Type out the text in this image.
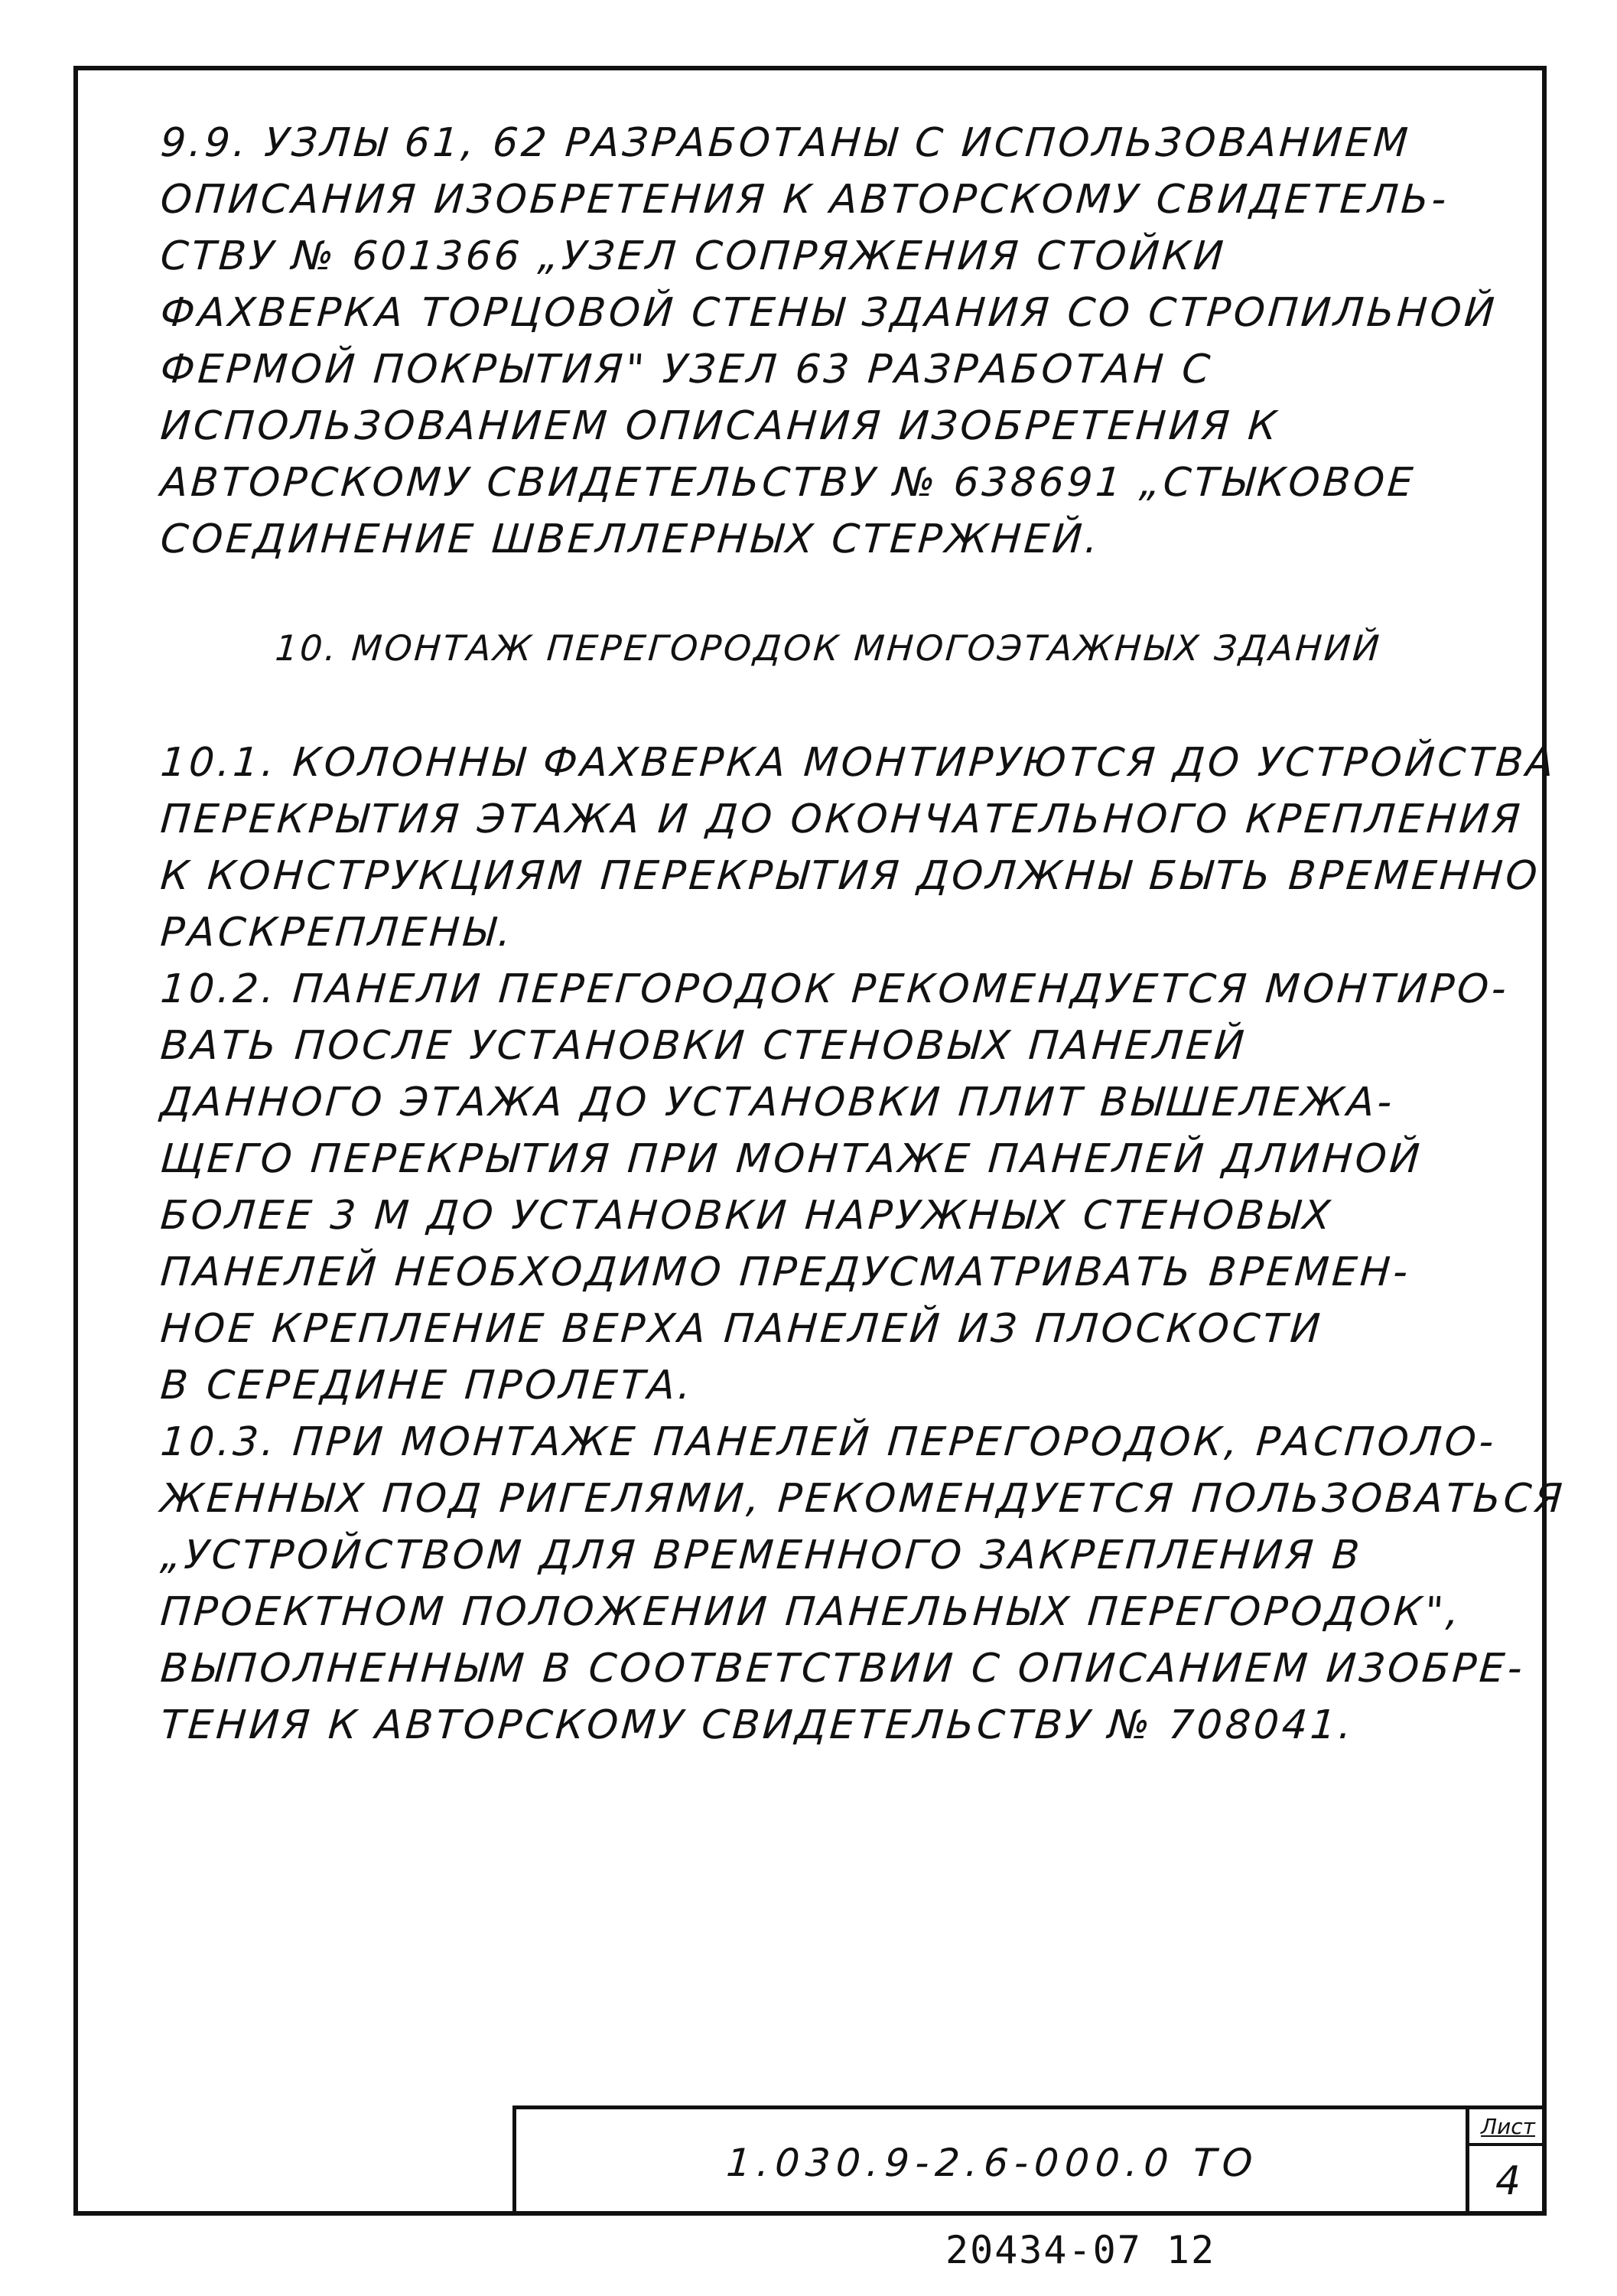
9.9. УЗЛЫ 61, 62 РАЗРАБОТАНЫ С ИСПОЛЬЗОВАНИЕМ
ОПИСАНИЯ ИЗОБРЕТЕНИЯ К АВТОРСКОМУ СВИДЕТЕЛЬ-
СТВУ № 601366 „УЗЕЛ СОПРЯЖЕНИЯ СТОЙКИ
ФАХВЕРКА ТОРЦОВОЙ СТЕНЫ ЗДАНИЯ СО СТРОПИЛЬНОЙ
ФЕРМОЙ ПОКРЫТИЯ" УЗЕЛ 63 РАЗРАБОТАН С
ИСПОЛЬЗОВАНИЕМ ОПИСАНИЯ ИЗОБРЕТЕНИЯ К
АВТОРСКОМУ СВИДЕТЕЛЬСТВУ № 638691 „СТЫКОВОЕ
СОЕДИНЕНИЕ ШВЕЛЛЕРНЫХ СТЕРЖНЕЙ.
10. МОНТАЖ ПЕРЕГОРОДОК МНОГОЭТАЖНЫХ ЗДАНИЙ
10.1. КОЛОННЫ ФАХВЕРКА МОНТИРУЮТСЯ ДО УСТРОЙСТВА
ПЕРЕКРЫТИЯ ЭТАЖА И ДО ОКОНЧАТЕЛЬНОГО КРЕПЛЕНИЯ
К КОНСТРУКЦИЯМ ПЕРЕКРЫТИЯ ДОЛЖНЫ БЫТЬ ВРЕМЕННО
РАСКРЕПЛЕНЫ.
10.2. ПАНЕЛИ ПЕРЕГОРОДОК РЕКОМЕНДУЕТСЯ МОНТИРО-
ВАТЬ ПОСЛЕ УСТАНОВКИ СТЕНОВЫХ ПАНЕЛЕЙ
ДАННОГО ЭТАЖА ДО УСТАНОВКИ ПЛИТ ВЫШЕЛЕЖА-
ЩЕГО ПЕРЕКРЫТИЯ ПРИ МОНТАЖЕ ПАНЕЛЕЙ ДЛИНОЙ
БОЛЕЕ 3 М ДО УСТАНОВКИ НАРУЖНЫХ СТЕНОВЫХ
ПАНЕЛЕЙ НЕОБХОДИМО ПРЕДУСМАТРИВАТЬ ВРЕМЕН-
НОЕ КРЕПЛЕНИЕ ВЕРХА ПАНЕЛЕЙ ИЗ ПЛОСКОСТИ
В СЕРЕДИНЕ ПРОЛЕТА.
10.3. ПРИ МОНТАЖЕ ПАНЕЛЕЙ ПЕРЕГОРОДОК, РАСПОЛО-
ЖЕННЫХ ПОД РИГЕЛЯМИ, РЕКОМЕНДУЕТСЯ ПОЛЬЗОВАТЬСЯ
„УСТРОЙСТВОМ ДЛЯ ВРЕМЕННОГО ЗАКРЕПЛЕНИЯ В
ПРОЕКТНОМ ПОЛОЖЕНИИ ПАНЕЛЬНЫХ ПЕРЕГОРОДОК",
ВЫПОЛНЕННЫМ В СООТВЕТСТВИИ С ОПИСАНИЕМ ИЗОБРЕ-
ТЕНИЯ К АВТОРСКОМУ СВИДЕТЕЛЬСТВУ № 708041.
1.030.9-2.6-000.0 ТО
Лист
4
20434-07 12
